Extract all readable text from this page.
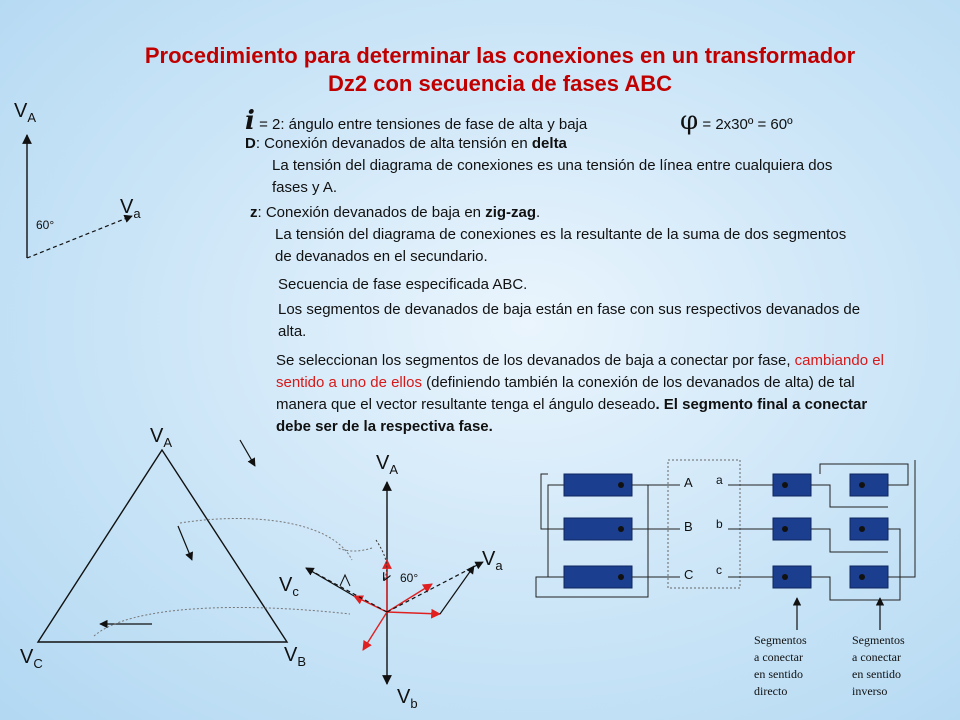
Procedimiento para determinar las conexiones en un transformador
Dz2 con secuencia de fases ABC
i = 2: ángulo entre tensiones de fase de alta y baja	φ = 2x30º = 60º
D: Conexión devanados de alta tensión en delta

La tensión del diagrama de conexiones es una tensión de línea entre cualquiera dos fases y A.

z: Conexión devanados de baja en zig-zag.

La tensión del diagrama de conexiones es la resultante de la suma de dos segmentos de devanados en el secundario.

Secuencia de fase especificada ABC.

Los segmentos de devanados de baja están en fase con sus respectivos devanados de alta.

Se seleccionan los segmentos de los devanados de baja a conectar por fase, cambiando el sentido a uno de ellos (definiendo también la conexión de los devanados de alta) de tal manera que el vector resultante tenga el ángulo deseado. El segmento final a conectar debe ser de la respectiva fase.

$V_A$
$V_a$
60°
$V_A$
$V_C$	$V_B$
$V_A$
$V_a$
$V_c$
$V_b$
60°
A
B
C
a
b
c
Segmentos
a conectar
en sentido
directo
Segmentos
a conectar
en sentido
inverso
